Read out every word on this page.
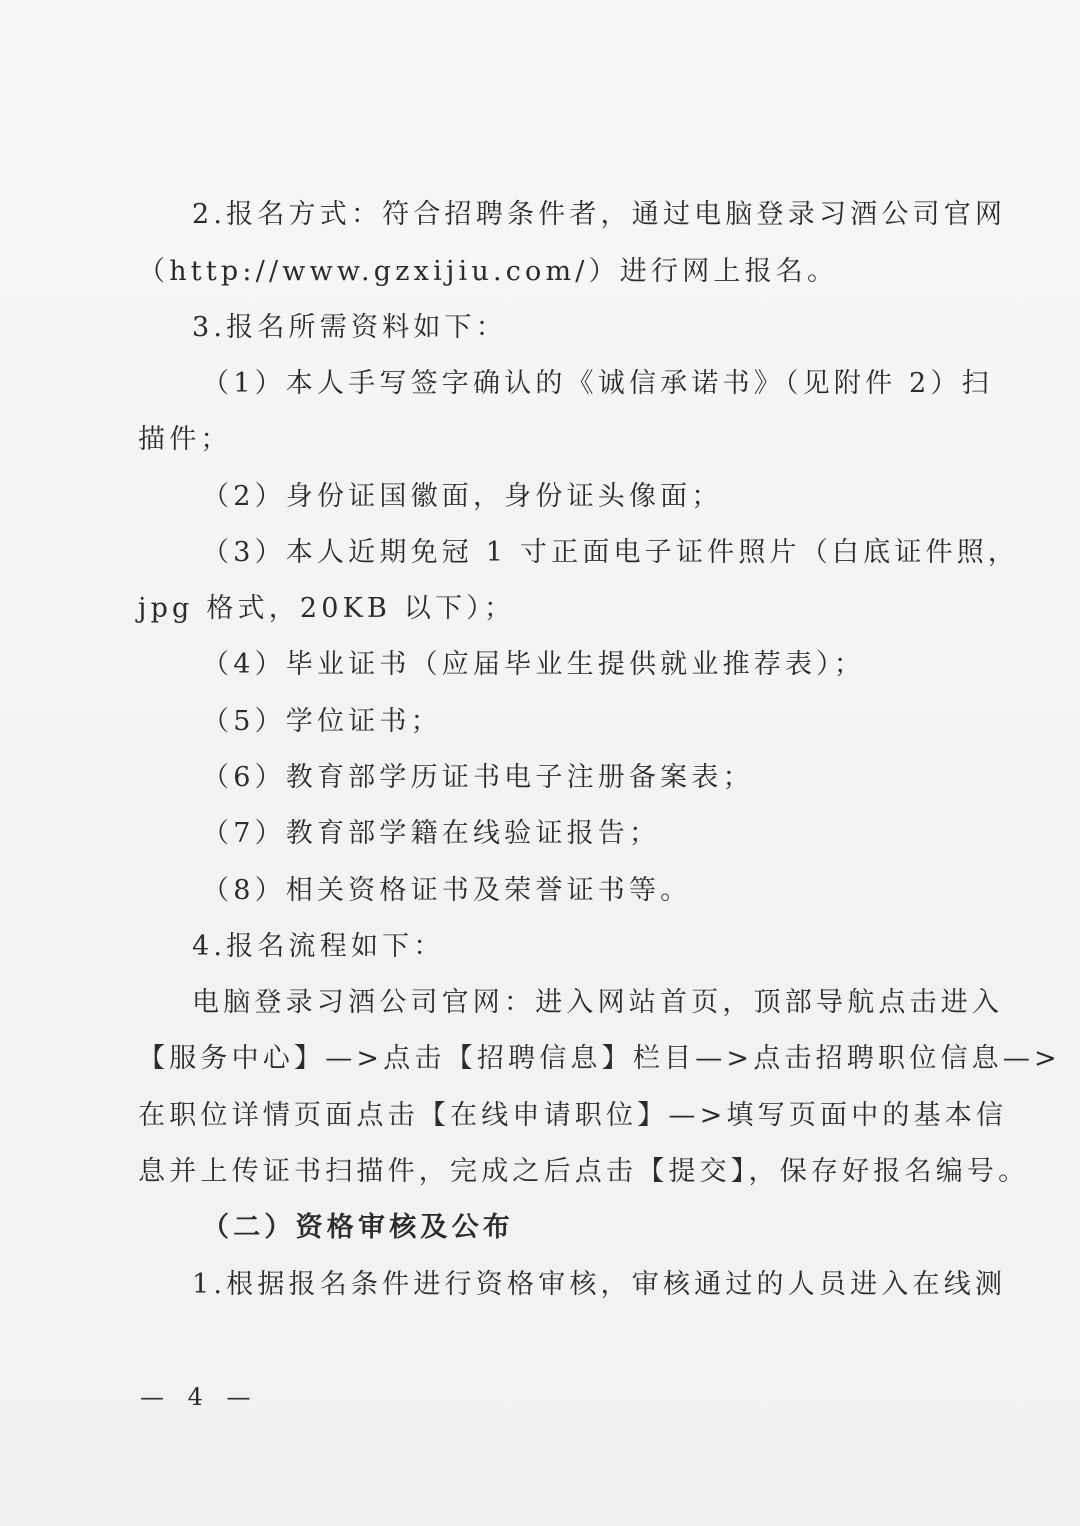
2.报名方式：符合招聘条件者，通过电脑登录习酒公司官网
（http://www.gzxijiu.com/）进行网上报名。
3.报名所需资料如下：
（1）本人手写签字确认的《诚信承诺书》（见附件 2）扫
描件；
（2）身份证国徽面，身份证头像面；
（3）本人近期免冠 1 寸正面电子证件照片（白底证件照，
jpg 格式，20KB 以下）；
（4）毕业证书（应届毕业生提供就业推荐表）；
（5）学位证书；
（6）教育部学历证书电子注册备案表；
（7）教育部学籍在线验证报告；
（8）相关资格证书及荣誉证书等。
4.报名流程如下：
电脑登录习酒公司官网：进入网站首页，顶部导航点击进入
【服务中心】—>点击【招聘信息】栏目—>点击招聘职位信息—>
在职位详情页面点击【在线申请职位】—>填写页面中的基本信
息并上传证书扫描件，完成之后点击【提交】，保存好报名编号。
（二）资格审核及公布
1.根据报名条件进行资格审核，审核通过的人员进入在线测
— 4 —
